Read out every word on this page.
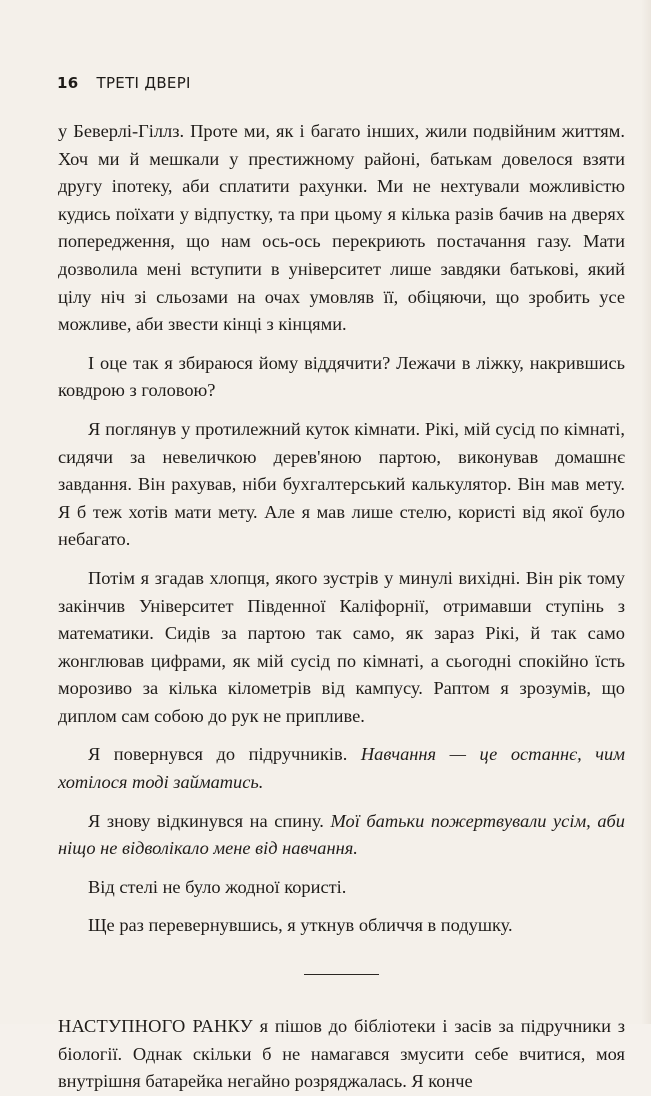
16 ТРЕТІ ДВЕРІ

у Беверлі-Гіллз. Проте ми, як і багато інших, жили подвійним життям. Хоч ми й мешкали у престижному районі, батькам довелося взяти другу іпотеку, аби сплатити рахунки. Ми не нехтували можливістю кудись поїхати у відпустку, та при цьому я кілька разів бачив на дверях попередження, що нам ось-ось перекриють постачання газу. Мати дозволила мені вступити в університет лише завдяки батькові, який цілу ніч зі сльозами на очах умовляв її, обіцяючи, що зробить усе можливе, аби звести кінці з кінцями.

І оце так я збираюся йому віддячити? Лежачи в ліжку, накрившись ковдрою з головою?

Я поглянув у протилежний куток кімнати. Рікі, мій сусід по кімнаті, сидячи за невеличкою дерев'яною партою, виконував домашнє завдання. Він рахував, ніби бухгалтерський калькулятор. Він мав мету. Я б теж хотів мати мету. Але я мав лише стелю, користі від якої було небагато.

Потім я згадав хлопця, якого зустрів у минулі вихідні. Він рік тому закінчив Університет Південної Каліфорнії, отримавши ступінь з математики. Сидів за партою так само, як зараз Рікі, й так само жонглював цифрами, як мій сусід по кімнаті, а сьогодні спокійно їсть морозиво за кілька кілометрів від кампусу. Раптом я зрозумів, що диплом сам собою до рук не припливе.

Я повернувся до підручників. Навчання — це останнє, чим хотілося тоді займатись.

Я знову відкинувся на спину. Мої батьки пожертвували усім, аби ніщо не відволікало мене від навчання.

Від стелі не було жодної користі.

Ще раз перевернувшись, я уткнув обличчя в подушку.

НАСТУПНОГО РАНКУ я пішов до бібліотеки і засів за підручники з біології. Однак скільки б не намагався змусити себе вчитися, моя внутрішня батарейка негайно розряджалась. Я конче
